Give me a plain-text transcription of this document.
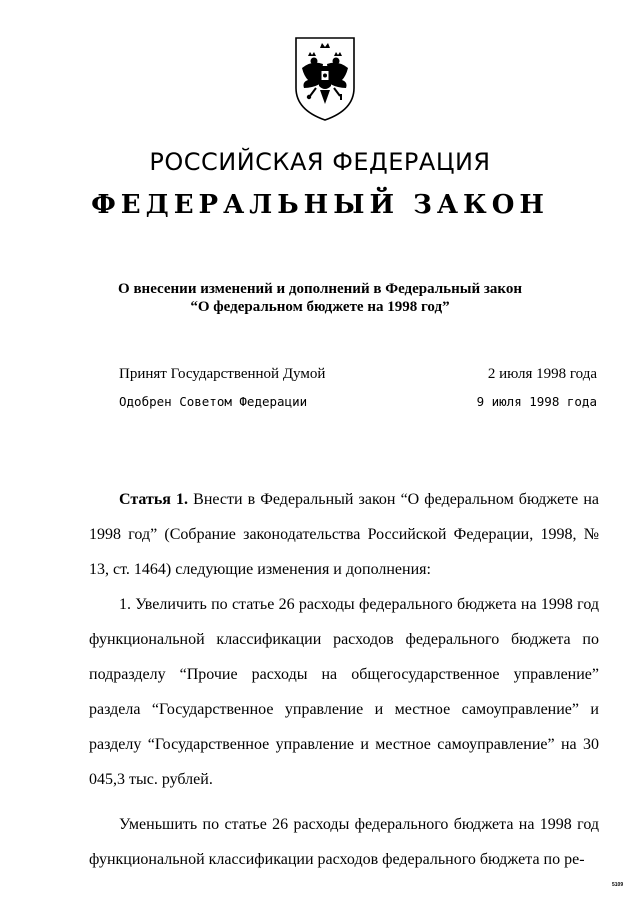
РОССИЙСКАЯ ФЕДЕРАЦИЯ
ФЕДЕРАЛЬНЫЙ ЗАКОН
О внесении изменений и дополнений в Федеральный закон
“О федеральном бюджете на 1998 год”
Принят Государственной Думой	2 июля 1998 года
Одобрен Советом Федерации	9 июля 1998 года

Статья 1. Внести в Федеральный закон “О федеральном бюджете на 1998 год” (Собрание законодательства Российской Федерации, 1998, № 13, ст. 1464) следующие изменения и дополнения:

1. Увеличить по статье 26 расходы федерального бюджета на 1998 год функциональной классификации расходов федерального бюджета по подразделу “Прочие расходы на общегосударственное управление” раздела “Государственное управление и местное самоуправление” и разделу “Государственное управление и местное самоуправление” на 30 045,3 тыс. рублей.

Уменьшить по статье 26 расходы федерального бюджета на 1998 год функциональной классификации расходов федерального бюджета по ре-

5109
